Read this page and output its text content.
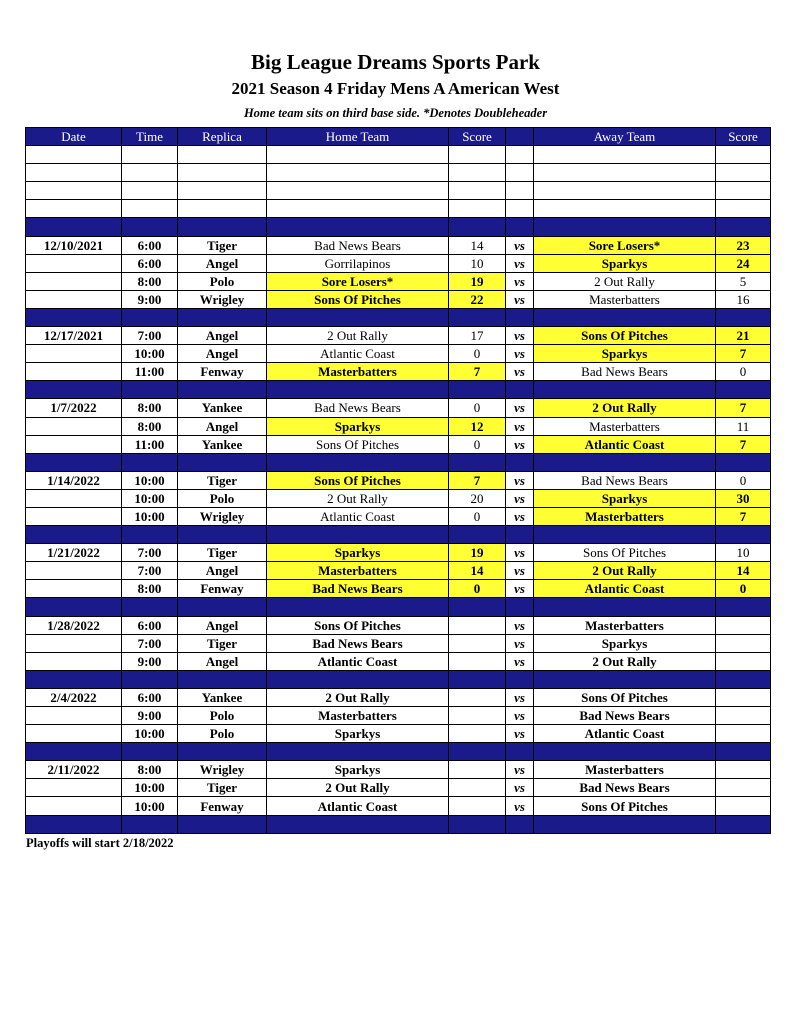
Big League Dreams Sports Park
2021 Season 4 Friday Mens A American West
Home team sits on third base side. *Denotes Doubleheader
Date	Time	Replica	Home Team	Score		Away Team	Score

12/10/2021	6:00	Tiger	Bad News Bears	14	vs	Sore Losers*	23
	6:00	Angel	Gorrilapinos	10	vs	Sparkys	24
	8:00	Polo	Sore Losers*	19	vs	2 Out Rally	5
	9:00	Wrigley	Sons Of Pitches	22	vs	Masterbatters	16

12/17/2021	7:00	Angel	2 Out Rally	17	vs	Sons Of Pitches	21
	10:00	Angel	Atlantic Coast	0	vs	Sparkys	7
	11:00	Fenway	Masterbatters	7	vs	Bad News Bears	0

1/7/2022	8:00	Yankee	Bad News Bears	0	vs	2 Out Rally	7
	8:00	Angel	Sparkys	12	vs	Masterbatters	11
	11:00	Yankee	Sons Of Pitches	0	vs	Atlantic Coast	7

1/14/2022	10:00	Tiger	Sons Of Pitches	7	vs	Bad News Bears	0
	10:00	Polo	2 Out Rally	20	vs	Sparkys	30
	10:00	Wrigley	Atlantic Coast	0	vs	Masterbatters	7

1/21/2022	7:00	Tiger	Sparkys	19	vs	Sons Of Pitches	10
	7:00	Angel	Masterbatters	14	vs	2 Out Rally	14
	8:00	Fenway	Bad News Bears	0	vs	Atlantic Coast	0

1/28/2022	6:00	Angel	Sons Of Pitches		vs	Masterbatters	
	7:00	Tiger	Bad News Bears		vs	Sparkys	
	9:00	Angel	Atlantic Coast		vs	2 Out Rally	

2/4/2022	6:00	Yankee	2 Out Rally		vs	Sons Of Pitches	
	9:00	Polo	Masterbatters		vs	Bad News Bears	
	10:00	Polo	Sparkys		vs	Atlantic Coast	

2/11/2022	8:00	Wrigley	Sparkys		vs	Masterbatters	
	10:00	Tiger	2 Out Rally		vs	Bad News Bears	
	10:00	Fenway	Atlantic Coast		vs	Sons Of Pitches	

Playoffs will start 2/18/2022
